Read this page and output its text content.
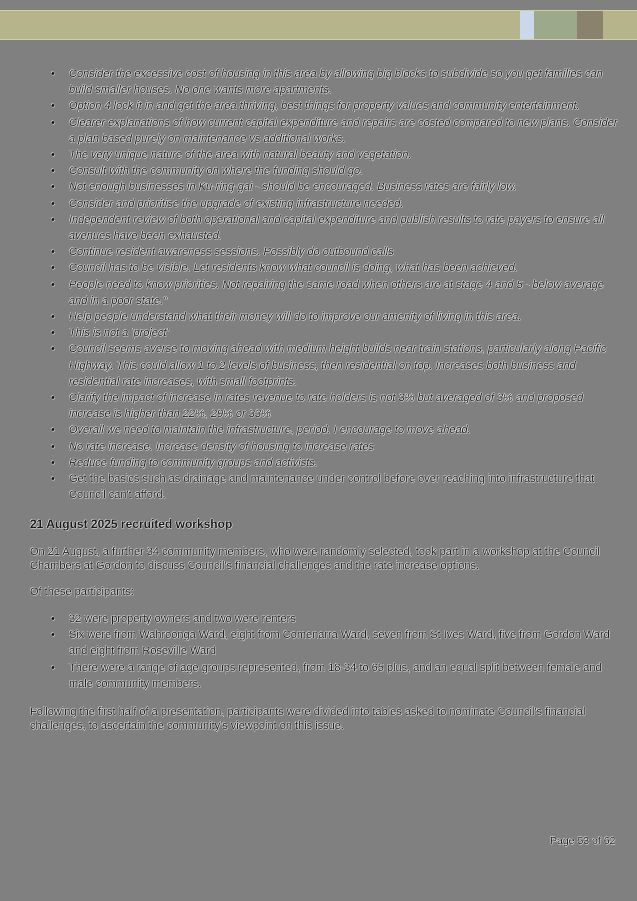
• Consider the excessive cost of housing in this area by allowing big blocks to subdivide so you get families can build smaller houses. No one wants more apartments.
• Option 4 lock it in and get the area thriving, best things for property values and community entertainment.
• Clearer explanations of how current capital expenditure and repairs are costed compared to new plans. Consider a plan based purely on maintenance vs additional works.
• The very unique nature of the area with natural beauty and vegetation.
• Consult with the community on where the funding should go.
• Not enough businesses in Ku-ring-gai - should be encouraged. Business rates are fairly low.
• Consider and prioritise the upgrade of existing infrastructure needed.
• Independent review of both operational and capital expenditure and publish results to rate payers to ensure all avenues have been exhausted.
• Continue resident awareness sessions. Possibly do outbound calls
• Council has to be visible. Let residents know what council is doing, what has been achieved.
• People need to know priorities. Not repairing the same road when others are at stage 4 and 5 - below average and in a poor state."
• Help people understand what their money will do to improve our amenity of living in this area.
• This is not a 'project'
• Council seems averse to moving ahead with medium height builds near train stations, particularly along Pacific Highway. This could allow 1 to 2 levels of business, then residential on top. Increases both business and residential rate increases, with small footprints.
• Clarify the impact of increase in rates revenue to rate holders is not 3% but averaged of 3% and proposed increase is higher than 22%, 29% or 33%
• Overall we need to maintain the infrastructure, period. I encourage to move ahead.
• No rate increase. Increase density of housing to increase rates
• Reduce funding to community groups and activists.
• Get the basics such as drainage and maintenance under control before over reaching into infrastructure that Council can't afford.
21 August 2025 recruited workshop
On 21 August, a further 34 community members, who were randomly selected, took part in a workshop at the Council Chambers at Gordon to discuss Council's financial challenges and the rate increase options.
Of these participants:
• 32 were property owners and two were renters
• Six were from Wahroonga Ward, eight from Comenarra Ward, seven from St Ives Ward, five from Gordon Ward and eight from Roseville Ward
• There were a range of age groups represented, from 18-34 to 65 plus, and an equal split between female and male community members.
Following the first half of a presentation, participants were divided into tables asked to nominate Council's financial challenges, to ascertain the community's viewpoint on this issue.
Page 53 of 62
